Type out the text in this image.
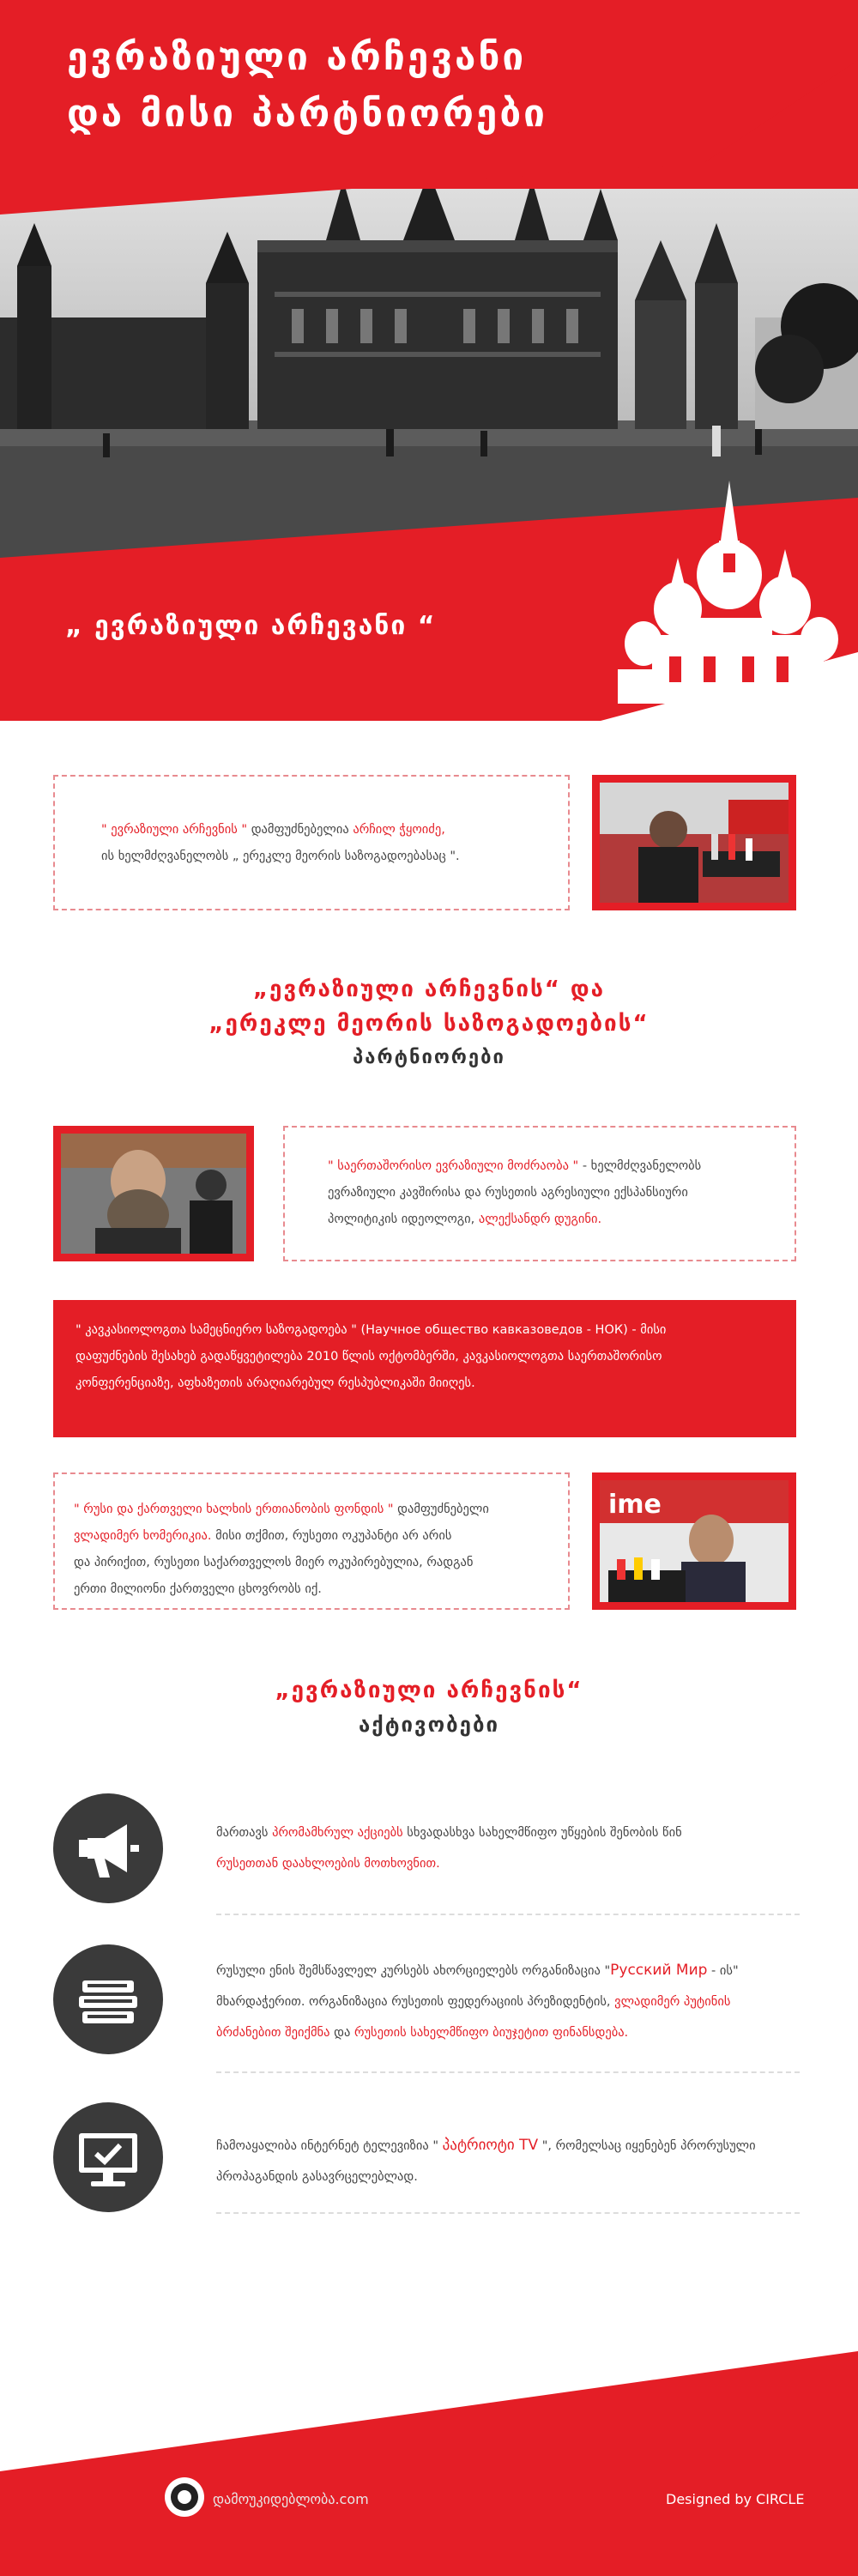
ევრაზიული არჩევანი
და მისი პარტნიორები
„ ევრაზიული არჩევანი “
" ევრაზიული არჩევნის " დამფუძნებელია არჩილ ჭყოიძე,
ის ხელმძღვანელობს „ ერეკლე მეორის საზოგადოებასაც ".
„ევრაზიული არჩევნის“ და
„ერეკლე მეორის საზოგადოების“
პარტნიორები
" საერთაშორისო ევრაზიული მოძრაობა " - ხელმძღვანელობს
ევრაზიული კავშირისა და რუსეთის აგრესიული ექსპანსიური
პოლიტიკის იდეოლოგი, ალექსანდრ დუგინი.
" კავკასიოლოგთა სამეცნიერო საზოგადოება " (Научное общество кавказоведов - НОК) - მისი
დაფუძნების შესახებ გადაწყვეტილება 2010 წლის ოქტომბერში, კავკასიოლოგთა საერთაშორისო
კონფერენციაზე, აფხაზეთის არაღიარებულ რესპუბლიკაში მიიღეს.
" რუსი და ქართველი ხალხის ერთიანობის ფონდის " დამფუძნებელი
ვლადიმერ ხომერიკია. მისი თქმით, რუსეთი ოკუპანტი არ არის
და პირიქით, რუსეთი საქართველოს მიერ ოკუპირებულია, რადგან
ერთი მილიონი ქართველი ცხოვრობს იქ.
ime
„ევრაზიული არჩევნის“
აქტივობები
მართავს პრომამხრულ აქციებს სხვადასხვა სახელმწიფო უწყების შენობის წინ
რუსეთთან დაახლოების მოთხოვნით.
რუსული ენის შემსწავლელ კურსებს ახორციელებს ორგანიზაცია "Русский Мир - ის"
მხარდაჭერით. ორგანიზაცია რუსეთის ფედერაციის პრეზიდენტის, ვლადიმერ პუტინის
ბრძანებით შეიქმნა და რუსეთის სახელმწიფო ბიუჯეტით ფინანსდება.
ჩამოაყალიბა ინტერნეტ ტელევიზია " პატრიოტი TV ", რომელსაც იყენებენ პრორუსული
პროპაგანდის გასავრცელებლად.
დამოუკიდებლობა.com	Designed by CIRCLE
